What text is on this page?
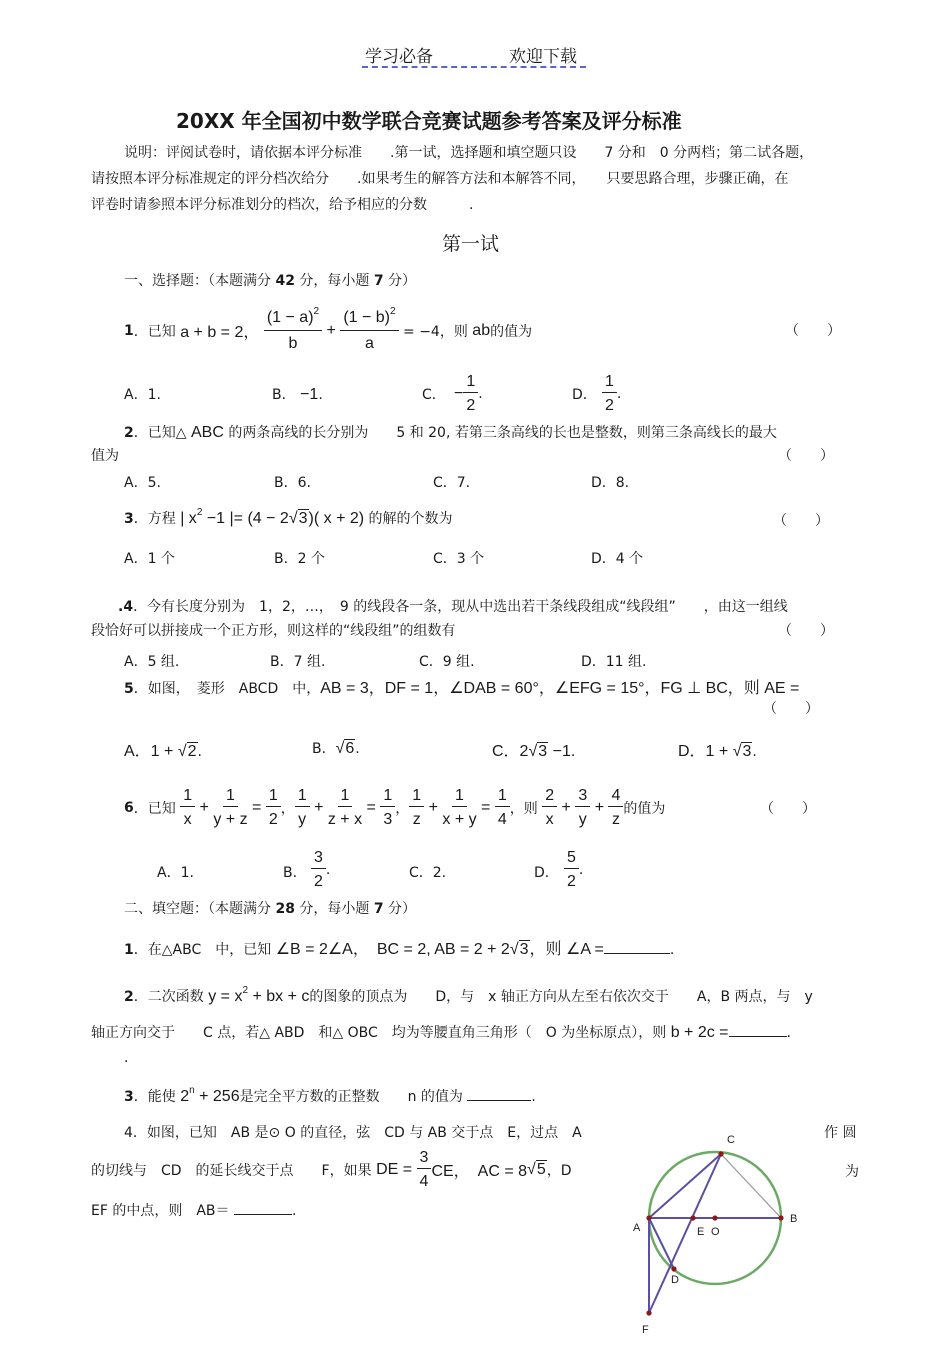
学习必备	欢迎下载
20XX 年全国初中数学联合竞赛试题参考答案及评分标准
说明：评阅试卷时，请依据本评分标准　　.第一试，选择题和填空题只设　　7 分和　0 分两档；第二试各题，
请按照本评分标准规定的评分档次给分　　.如果考生的解答方法和本解答不同，　　只要思路合理，步骤正确，在
评卷时请参照本评分标准划分的档次，给予相应的分数　　　.
第一试
一、选择题：（本题满分 42 分，每小题 7 分）
1 ．已知
a + b = 2，

$(1 - a)^2$
b
+ $\frac{(1 - b)^2}{a}$
= −4，则
ab 的值为	（　　）
A．1.	B． −1.	C． − $\frac{1}{2}$ .	D．
1
2
.
2．已知△ ABC 的两条高线的长分别为　　5 和 20, 若第三条高线的长也是整数，则第三条高线长的最大
值为	（　　）
A．5.	B．6.	C．7.	D．8.
3．方程 | $x^2 -1$ |= (4 − 2√3)( x + 2) 的解的个数为	（　　）
A．1 个	B．2 个	C．3 个	D．4 个
.4．今有长度分别为　1，2，…，　9 的线段各一条，现从中选出若干条线段组成“线段组”　　，由这一组线
段恰好可以拼接成一个正方形，则这样的“线段组”的组数有	（　　）
A．5 组.	B．7 组.	C．9 组.	D．11 组.
5．如图，　菱形　ABCD　中，AB = 3，DF = 1，∠DAB = 60°，∠EFG = 15°，FG ⊥ BC，则 AE =
（　　）
A．1 + √2.	B．√6.	C．2√3 −1.	D．1 + √3.
6 ．已知

1
x
+ $\frac{1}{y + z} = \frac{1}{2}$ ，
1
y
+ $\frac{1}{z + x} = \frac{1}{3}$ ，
1
z
+ $\frac{1}{x + y} = \frac{1}{4}$ ，则

2
x
+ $\frac{3}{y} + \frac{4}{z}$ 的值为	（　　）
A．1.	B．
3
2
.	C．2.	D．
5
2
.
二、填空题：（本题满分 28 分，每小题 7 分）
1．在△ABC　中，已知 ∠B = 2∠A，　BC = 2, AB = 2 + 2√3，则 ∠A =	.
2．二次函数 $y = x^2$ + bx + c的图象的顶点为　　D，与　x 轴正方向从左至右依次交于　　A，B 两点，与　y
轴正方向交于　　C 点，若△ ABD　和△ OBC　均为等腰直角三角形（　O 为坐标原点），则 b + 2c =	.
.
3．能使 $2^n + 256$是完全平方数的正整数　　n 的值为	.
4．如图，已知　AB 是⊙ O 的直径，弦　CD 与 AB 交于点　E，过点　A	作 圆
的切线与　CD　的延长线交于点　　F，如果
DE =
$\frac{3}{4}$ CE，　AC = 8 √5 ，D	为
EF 的中点，则　AB＝	.
C
A	E O
B
D
F
